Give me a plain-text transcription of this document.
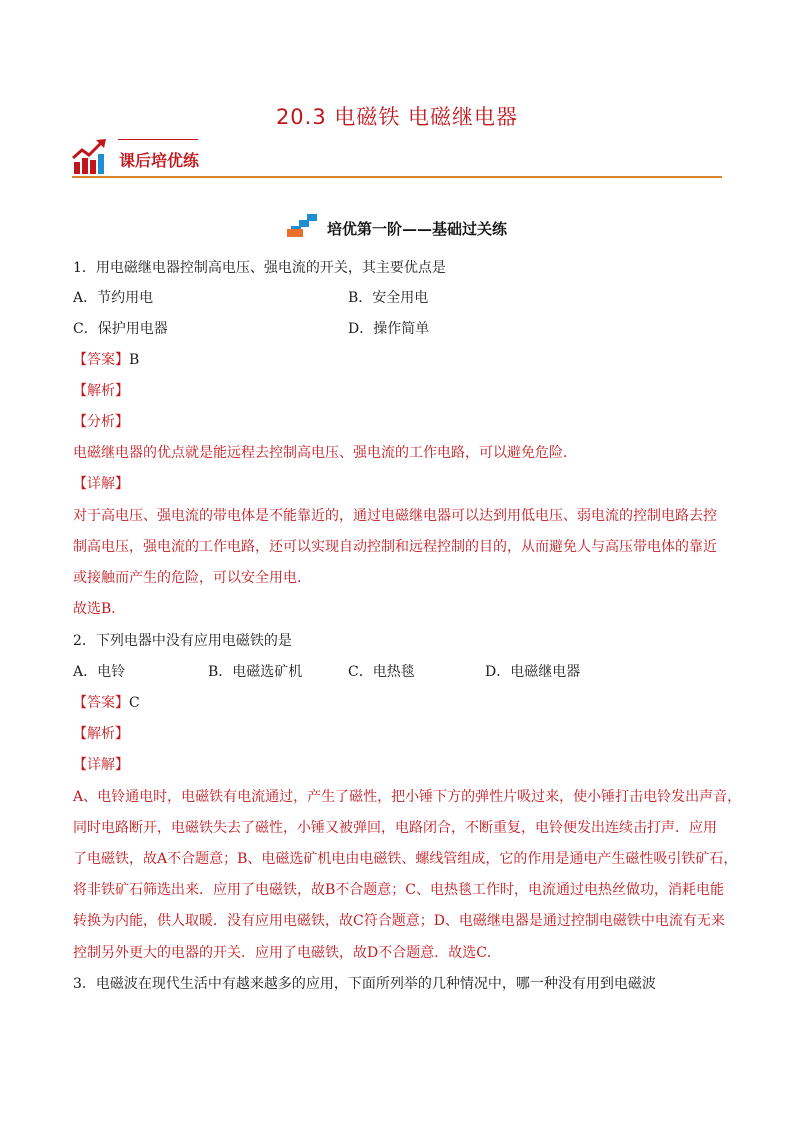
20.3 电磁铁 电磁继电器
课后培优练
培优第一阶——基础过关练
1．用电磁继电器控制高电压、强电流的开关，其主要优点是
A．节约用电	B．安全用电
C．保护用电器	D．操作简单
【答案】B
【解析】
【分析】
电磁继电器的优点就是能远程去控制高电压、强电流的工作电路，可以避免危险．
【详解】
对于高电压、强电流的带电体是不能靠近的，通过电磁继电器可以达到用低电压、弱电流的控制电路去控
制高电压，强电流的工作电路，还可以实现自动控制和远程控制的目的，从而避免人与高压带电体的靠近
或接触而产生的危险，可以安全用电．
故选B．
2．下列电器中没有应用电磁铁的是
A．电铃	B．电磁选矿机	C．电热毯	D．电磁继电器
【答案】C
【解析】
【详解】
A、电铃通电时，电磁铁有电流通过，产生了磁性，把小锤下方的弹性片吸过来，使小锤打击电铃发出声音，
同时电路断开，电磁铁失去了磁性，小锤又被弹回，电路闭合，不断重复，电铃便发出连续击打声．应用
了电磁铁，故A不合题意；B、电磁选矿机电由电磁铁、螺线管组成，它的作用是通电产生磁性吸引铁矿石，
将非铁矿石筛选出来．应用了电磁铁，故B不合题意；C、电热毯工作时，电流通过电热丝做功，消耗电能
转换为内能，供人取暖．没有应用电磁铁，故C符合题意；D、电磁继电器是通过控制电磁铁中电流有无来
控制另外更大的电器的开关．应用了电磁铁，故D不合题意．故选C．
3．电磁波在现代生活中有越来越多的应用，下面所列举的几种情况中，哪一种没有用到电磁波
